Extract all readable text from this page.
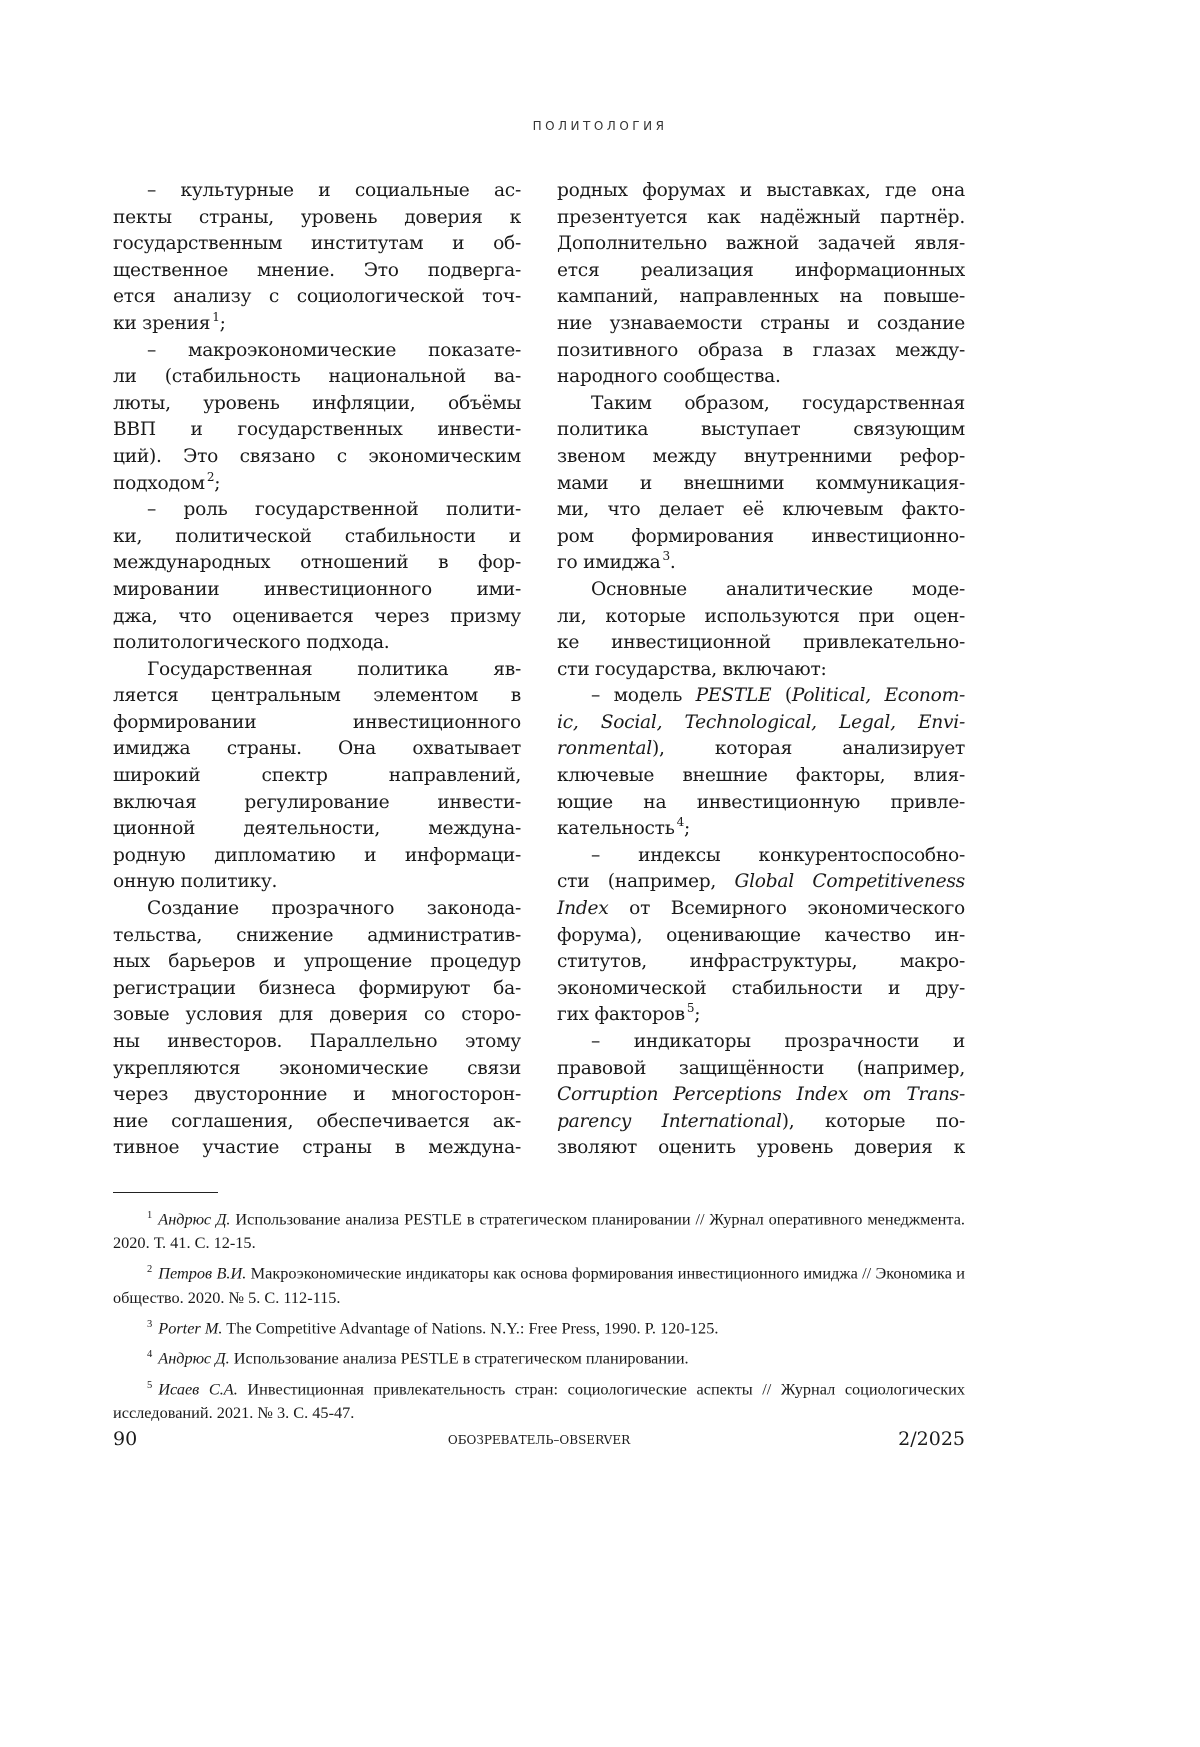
ПОЛИТОЛОГИЯ
– культурные и социальные ас-
пекты страны, уровень доверия к
государственным институтам и об-
щественное мнение. Это подверга-
ется анализу с социологической точ-
ки зрения 1;
– макроэкономические показате-
ли (стабильность национальной ва-
люты, уровень инфляции, объёмы
ВВП и государственных инвести-
ций). Это связано с экономическим
подходом 2;
– роль государственной полити-
ки, политической стабильности и
международных отношений в фор-
мировании инвестиционного ими-
джа, что оценивается через призму
политологического подхода.
Государственная политика яв-
ляется центральным элементом в
формировании инвестиционного
имиджа страны. Она охватывает
широкий спектр направлений,
включая регулирование инвести-
ционной деятельности, междуна-
родную дипломатию и информаци-
онную политику.
Создание прозрачного законода-
тельства, снижение административ-
ных барьеров и упрощение процедур
регистрации бизнеса формируют ба-
зовые условия для доверия со сторо-
ны инвесторов. Параллельно этому
укрепляются экономические связи
через двусторонние и многосторон-
ние соглашения, обеспечивается ак-
тивное участие страны в междуна-
родных форумах и выставках, где она
презентуется как надёжный партнёр.
Дополнительно важной задачей явля-
ется реализация информационных
кампаний, направленных на повыше-
ние узнаваемости страны и создание
позитивного образа в глазах между-
народного сообщества.
Таким образом, государственная
политика выступает связующим
звеном между внутренними рефор-
мами и внешними коммуникация-
ми, что делает её ключевым факто-
ром формирования инвестиционно-
го имиджа 3.
Основные аналитические моде-
ли, которые используются при оцен-
ке инвестиционной привлекательно-
сти государства, включают:
– модель PESTLE (Political, Econom-
ic, Social, Technological, Legal, Envi-
ronmental), которая анализирует
ключевые внешние факторы, влия-
ющие на инвестиционную привле-
кательность 4;
– индексы конкурентоспособно-
сти (например, Global Competitiveness
Index от Всемирного экономического
форума), оценивающие качество ин-
ститутов, инфраструктуры, макро-
экономической стабильности и дру-
гих факторов 5;
– индикаторы прозрачности и
правовой защищённости (например,
Corruption Perceptions Index от Trans-
parency International), которые по-
зволяют оценить уровень доверия к
1 Андрюс Д. Использование анализа PESTLE в стратегическом планировании // Журнал оперативного менеджмента. 2020. Т. 41. С. 12-15.
2 Петров В.И. Макроэкономические индикаторы как основа формирования инвестиционного имиджа // Экономика и общество. 2020. № 5. С. 112-115.
3 Porter M. The Competitive Advantage of Nations. N.Y.: Free Press, 1990. P. 120-125.
4 Андрюс Д. Использование анализа PESTLE в стратегическом планировании.
5 Исаев С.А. Инвестиционная привлекательность стран: социологические аспекты // Журнал социологических исследований. 2021. № 3. С. 45-47.
90	ОБОЗРЕВАТЕЛЬ–OBSERVER	2/2025
